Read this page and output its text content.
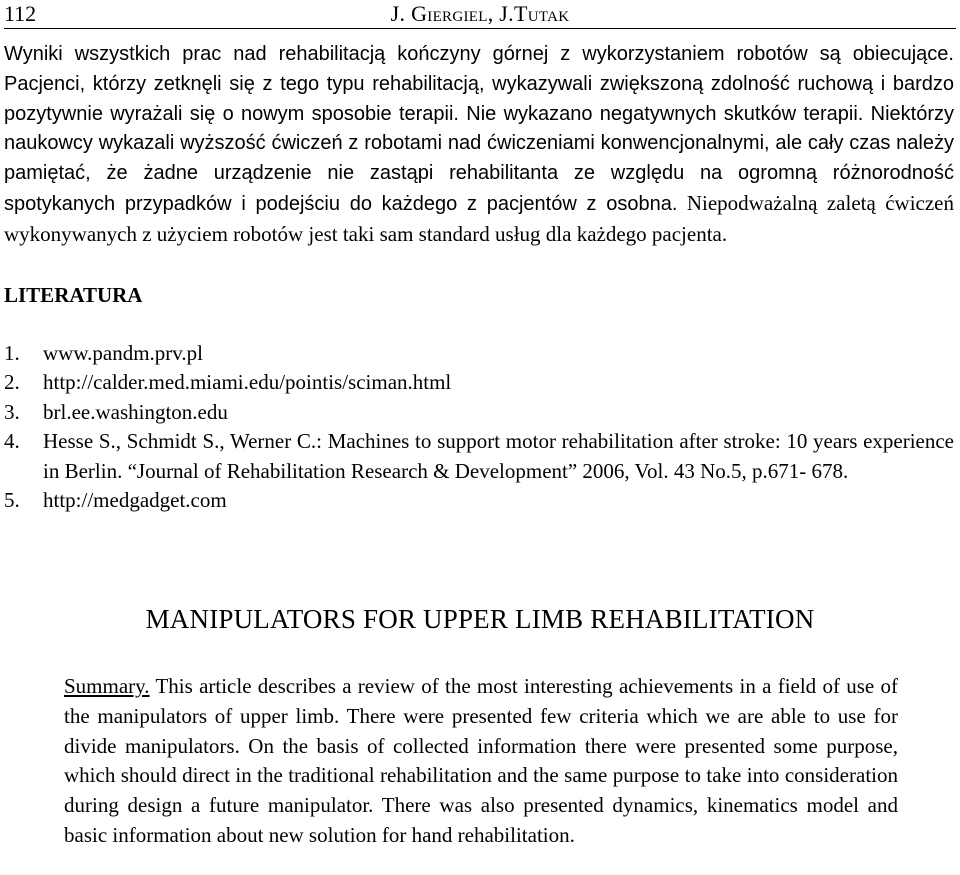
112	J. Giergiel, J.Tutak

Wyniki wszystkich prac nad rehabilitacją kończyny górnej z wykorzystaniem robotów są obiecujące. Pacjenci, którzy zetknęli się z tego typu rehabilitacją, wykazywali zwiększoną zdolność ruchową i bardzo pozytywnie wyrażali się o nowym sposobie terapii. Nie wykazano negatywnych skutków terapii. Niektórzy naukowcy wykazali wyższość ćwiczeń z robotami nad ćwiczeniami konwencjonalnymi, ale cały czas należy pamiętać, że żadne urządzenie nie zastąpi rehabilitanta ze względu na ogromną różnorodność spotykanych przypadków i podejściu do każdego z pacjentów z osobna. Niepodważalną zaletą ćwiczeń wykonywanych z użyciem robotów jest taki sam standard usług dla każdego pacjenta.

LITERATURA
1. www.pandm.prv.pl
2. http://calder.med.miami.edu/pointis/sciman.html
3. brl.ee.washington.edu
4. Hesse S., Schmidt S., Werner C.: Machines to support motor rehabilitation after stroke: 10 years experience in Berlin. “Journal of Rehabilitation Research & Development” 2006, Vol. 43 No.5, p.671- 678.
5. http://medgadget.com
MANIPULATORS FOR UPPER LIMB REHABILITATION

Summary. This article describes a review of the most interesting achievements in a field of use of the manipulators of upper limb. There were presented few criteria which we are able to use for divide manipulators. On the basis of collected information there were presented some purpose, which should direct in the traditional rehabilitation and the same purpose to take into consideration during design a future manipulator. There was also presented dynamics, kinematics model and basic information about new solution for hand rehabilitation.
